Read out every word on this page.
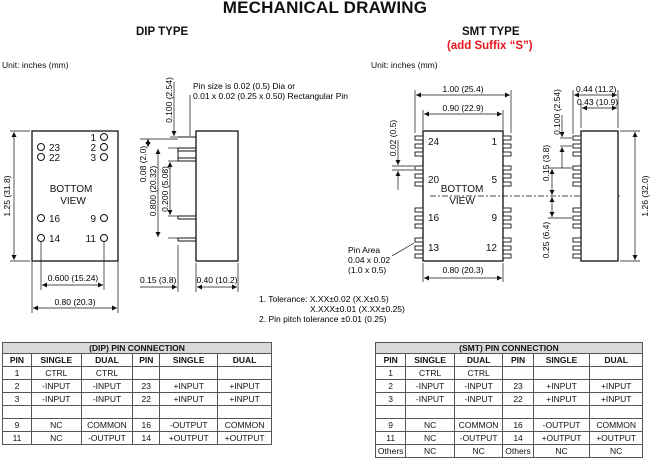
MECHANICAL DRAWING
DIP TYPE
Unit: inches (mm)
BOTTOM
VIEW
23
22
16
14
1
2
3
9
11
0.600 (15.24)
0.80 (20.3)
1.25 (31.8)
0.100 (2.54)
0.08 (2.0)
0.800 (20.32) 0.200 (5.08)
0.15 (3.8) 0.40 (10.2)
Pin size is 0.02 (0.5) Dia or
0.01 x 0.02 (0.25 x 0.50) Rectangular Pin
1. Tolerance: X.XX±0.02 (X.X±0.5)
X.XXX±0.01 (X.XX±0.25)
2. Pin pitch tolerance ±0.01 (0.25)
BOTTOM
VIEW
24
20
16
13
1
5
9
12
1.00 (25.4)
0.90 (22.9)
0.80 (20.3)
0.02 (0.5)
Pin Area
0.04 x 0.02
(1.0 x 0.5)
0.44 (11.2)
0.43 (10.9)
0.100 (2.54)
0.15 (3.8)
0.25 (6.4)
1.26 (32.0)
SMT TYPE
(add Suffix “S”)
Unit: inches (mm)
(DIP) PIN CONNECTION					
PIN	SINGLE	DUAL	PIN	SINGLE	DUAL
1	CTRL	CTRL			
2	-INPUT	-INPUT	23	+INPUT	+INPUT
3	-INPUT	-INPUT	22	+INPUT	+INPUT

9	NC	COMMON	16	-OUTPUT	COMMON
11	NC	-OUTPUT	14	+OUTPUT	+OUTPUT
(SMT) PIN CONNECTION					
PIN	SINGLE	DUAL	PIN	SINGLE	DUAL
1	CTRL	CTRL			
2	-INPUT	-INPUT	23	+INPUT	+INPUT
3	-INPUT	-INPUT	22	+INPUT	+INPUT

9	NC	COMMON	16	-OUTPUT	COMMON
11	NC	-OUTPUT	14	+OUTPUT	+OUTPUT
Others	NC	NC	Others	NC	NC
